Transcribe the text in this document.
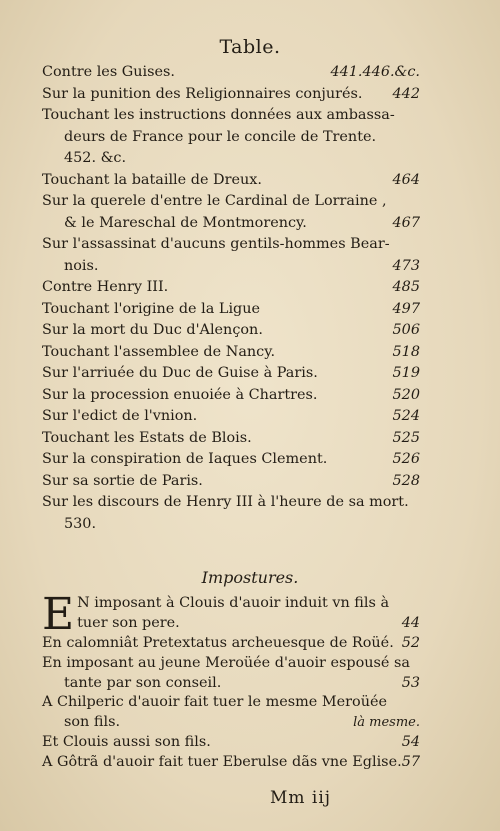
Table.
Contre les Guises.	441.446.&c.
Sur la punition des Religionnaires conjurés.	442
Touchant les instructions données aux ambassa-
deurs de France pour le concile de Trente.
452. &c.
Touchant la bataille de Dreux.	464
Sur la querele d'entre le Cardinal de Lorraine ,
& le Mareschal de Montmorency.	467
Sur l'assassinat d'aucuns gentils-hommes Bear-
nois.	473
Contre Henry III.	485
Touchant l'origine de la Ligue	497
Sur la mort du Duc d'Alençon.	506
Touchant l'assemblee de Nancy.	518
Sur l'arriuée du Duc de Guise à Paris.	519
Sur la procession enuoiée à Chartres.	520
Sur l'edict de l'vnion.	524
Touchant les Estats de Blois.	525
Sur la conspiration de Iaques Clement.	526
Sur sa sortie de Paris.	528
Sur les discours de Henry III à l'heure de sa mort.
530.
Impostures.
E N imposant à Clouis d'auoir induit vn fils à
tuer son pere.	44
En calomniât Pretextatus archeuesque de Roüé. 52
En imposant au jeune Meroüée d'auoir espousé sa
tante par son conseil.	53
A Chilperic d'auoir fait tuer le mesme Meroüée
son fils.	là mesme.
Et Clouis aussi son fils.	54
A Gôtrã d'auoir fait tuer Eberulse dãs vne Eglise. 57
Mm iij
